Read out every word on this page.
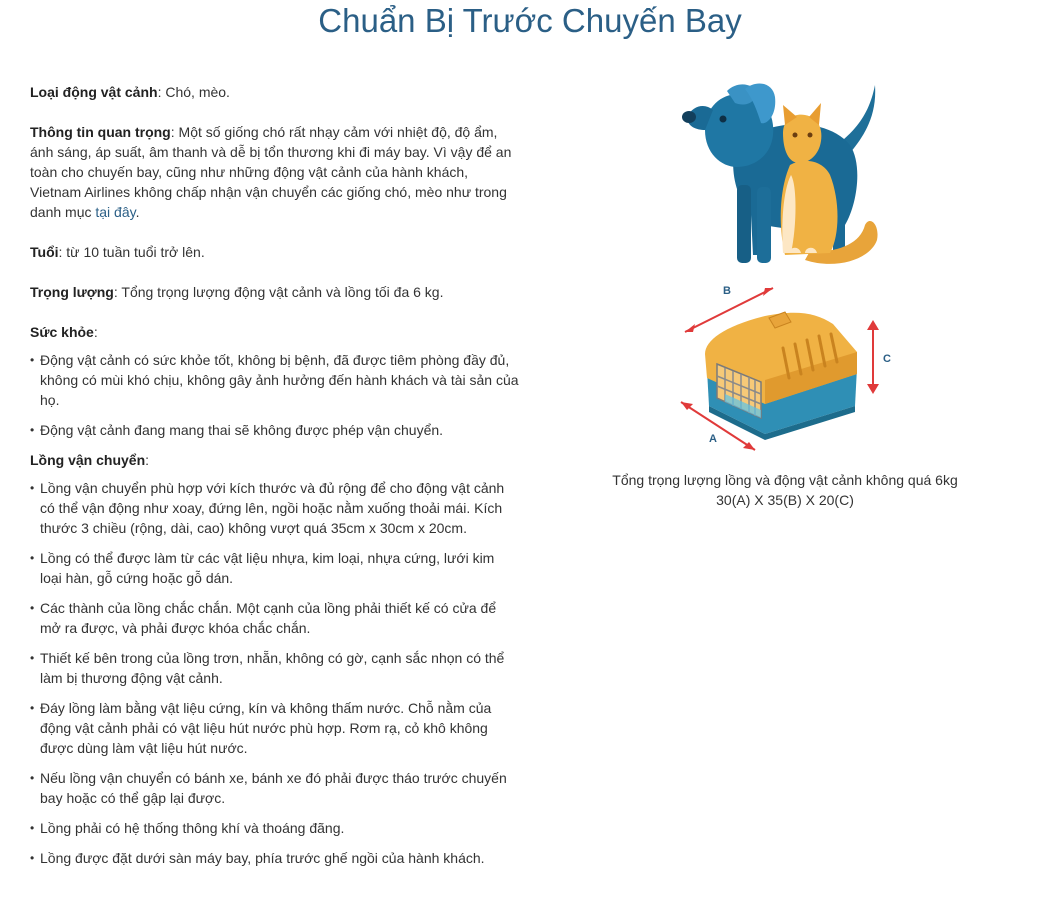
Chuẩn Bị Trước Chuyến Bay

Loại động vật cảnh: Chó, mèo.

Thông tin quan trọng: Một số giống chó rất nhạy cảm với nhiệt độ, độ ẩm, ánh sáng, áp suất, âm thanh và dễ bị tổn thương khi đi máy bay. Vì vậy để an toàn cho chuyến bay, cũng như những động vật cảnh của hành khách, Vietnam Airlines không chấp nhận vận chuyển các giống chó, mèo như trong danh mục tại đây.

Tuổi: từ 10 tuần tuổi trở lên.

Trọng lượng: Tổng trọng lượng động vật cảnh và lồng tối đa 6 kg.

Sức khỏe:

• Động vật cảnh có sức khỏe tốt, không bị bệnh, đã được tiêm phòng đầy đủ, không có mùi khó chịu, không gây ảnh hưởng đến hành khách và tài sản của họ.
• Động vật cảnh đang mang thai sẽ không được phép vận chuyển.

Lồng vận chuyển:

• Lồng vận chuyển phù hợp với kích thước và đủ rộng để cho động vật cảnh có thể vận động như xoay, đứng lên, ngồi hoặc nằm xuống thoải mái. Kích thước 3 chiều (rộng, dài, cao) không vượt quá 35cm x 30cm x 20cm.
• Lồng có thể được làm từ các vật liệu nhựa, kim loại, nhựa cứng, lưới kim loại hàn, gỗ cứng hoặc gỗ dán.
• Các thành của lồng chắc chắn. Một cạnh của lồng phải thiết kế có cửa để mở ra được, và phải được khóa chắc chắn.
• Thiết kế bên trong của lồng trơn, nhẵn, không có gờ, cạnh sắc nhọn có thể làm bị thương động vật cảnh.
• Đáy lồng làm bằng vật liệu cứng, kín và không thấm nước. Chỗ nằm của động vật cảnh phải có vật liệu hút nước phù hợp. Rơm rạ, cỏ khô không được dùng làm vật liệu hút nước.
• Nếu lồng vận chuyển có bánh xe, bánh xe đó phải được tháo trước chuyến bay hoặc có thể gập lại được.
• Lồng phải có hệ thống thông khí và thoáng đãng.
• Lồng được đặt dưới sàn máy bay, phía trước ghế ngồi của hành khách.
B
C
A
Tổng trọng lượng lồng và động vật cảnh không quá 6kg
30(A) X 35(B) X 20(C)
